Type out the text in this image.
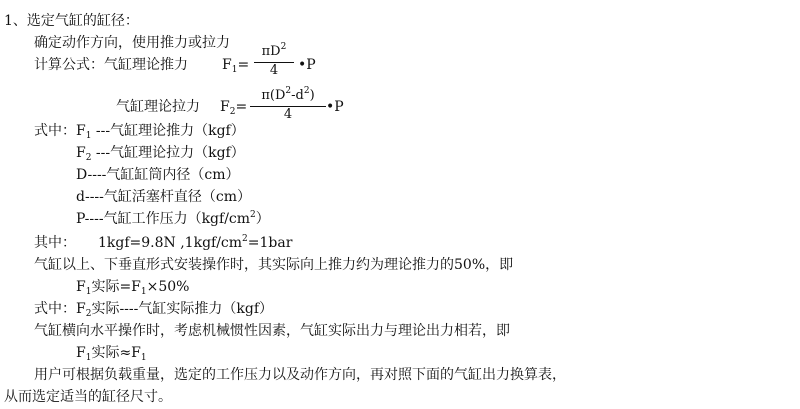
1、选定气缸的缸径：
确定动作方向，使用推力或拉力
计算公式：气缸理论推力 $F_1= \frac{\pi D^2}{4}$ •P
气缸理论拉力 $F_2= \frac{\pi(D^2-d^2)}{4}$ •P
式中：$F_1$ ---气缸理论推力（kgf）
$F_2$ ---气缸理论拉力（kgf）
D----气缸缸筒内径（cm）
d----气缸活塞杆直径（cm）
P----气缸工作压力$(kgf/cm^2)$
其中： 1kgf=9.8N $,1kgf/cm^2=1bar$
气缸以上、下垂直形式安装操作时，其实际向上推力约为理论推力的50%，即
$F_1$实际$=F_1\times 50\%$
式中：$F_2$实际----气缸实际推力（kgf）
气缸横向水平操作时，考虑机械惯性因素，气缸实际出力与理论出力相若，即
$F_1$实际$\approx F_1$
用户可根据负载重量，选定的工作压力以及动作方向，再对照下面的气缸出力换算表，
从而选定适当的缸径尺寸。
